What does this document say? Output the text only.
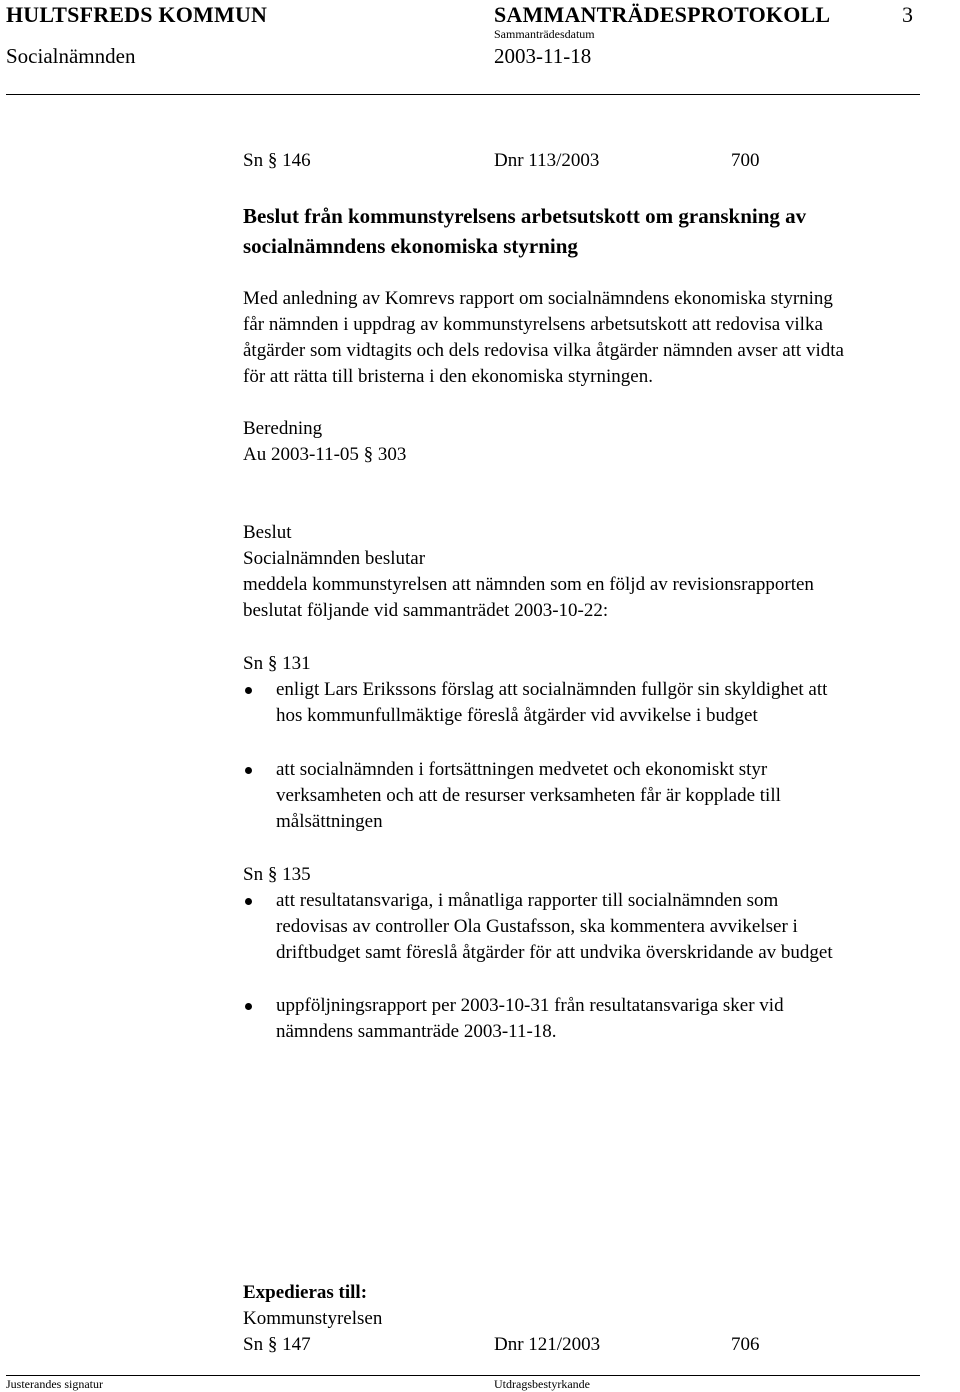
HULTSFREDS KOMMUN	SAMMANTRÄDESPROTOKOLL	3
Sammanträdesdatum
Socialnämnden	2003-11-18
Sn § 146	Dnr 113/2003	700
Beslut från kommunstyrelsens arbetsutskott om granskning av
socialnämndens ekonomiska styrning
Med anledning av Komrevs rapport om socialnämndens ekonomiska styrning
får nämnden i uppdrag av kommunstyrelsens arbetsutskott att redovisa vilka
åtgärder som vidtagits och dels redovisa vilka åtgärder nämnden avser att vidta
för att rätta till bristerna i den ekonomiska styrningen.
Beredning
Au 2003-11-05 § 303
Beslut
Socialnämnden beslutar
meddela kommunstyrelsen att nämnden som en följd av revisionsrapporten
beslutat följande vid sammanträdet 2003-10-22:
Sn § 131
enligt Lars Erikssons förslag att socialnämnden fullgör sin skyldighet att
hos kommunfullmäktige föreslå åtgärder vid avvikelse i budget
att socialnämnden i fortsättningen medvetet och ekonomiskt styr
verksamheten och att de resurser verksamheten får är kopplade till
målsättningen
Sn § 135
att resultatansvariga, i månatliga rapporter till socialnämnden som
redovisas av controller Ola Gustafsson, ska kommentera avvikelser i
driftbudget samt föreslå åtgärder för att undvika överskridande av budget
uppföljningsrapport per 2003-10-31 från resultatansvariga sker vid
nämndens sammanträde 2003-11-18.
Expedieras till:
Kommunstyrelsen
Sn § 147	Dnr 121/2003	706
Justerandes signatur	Utdragsbestyrkande
